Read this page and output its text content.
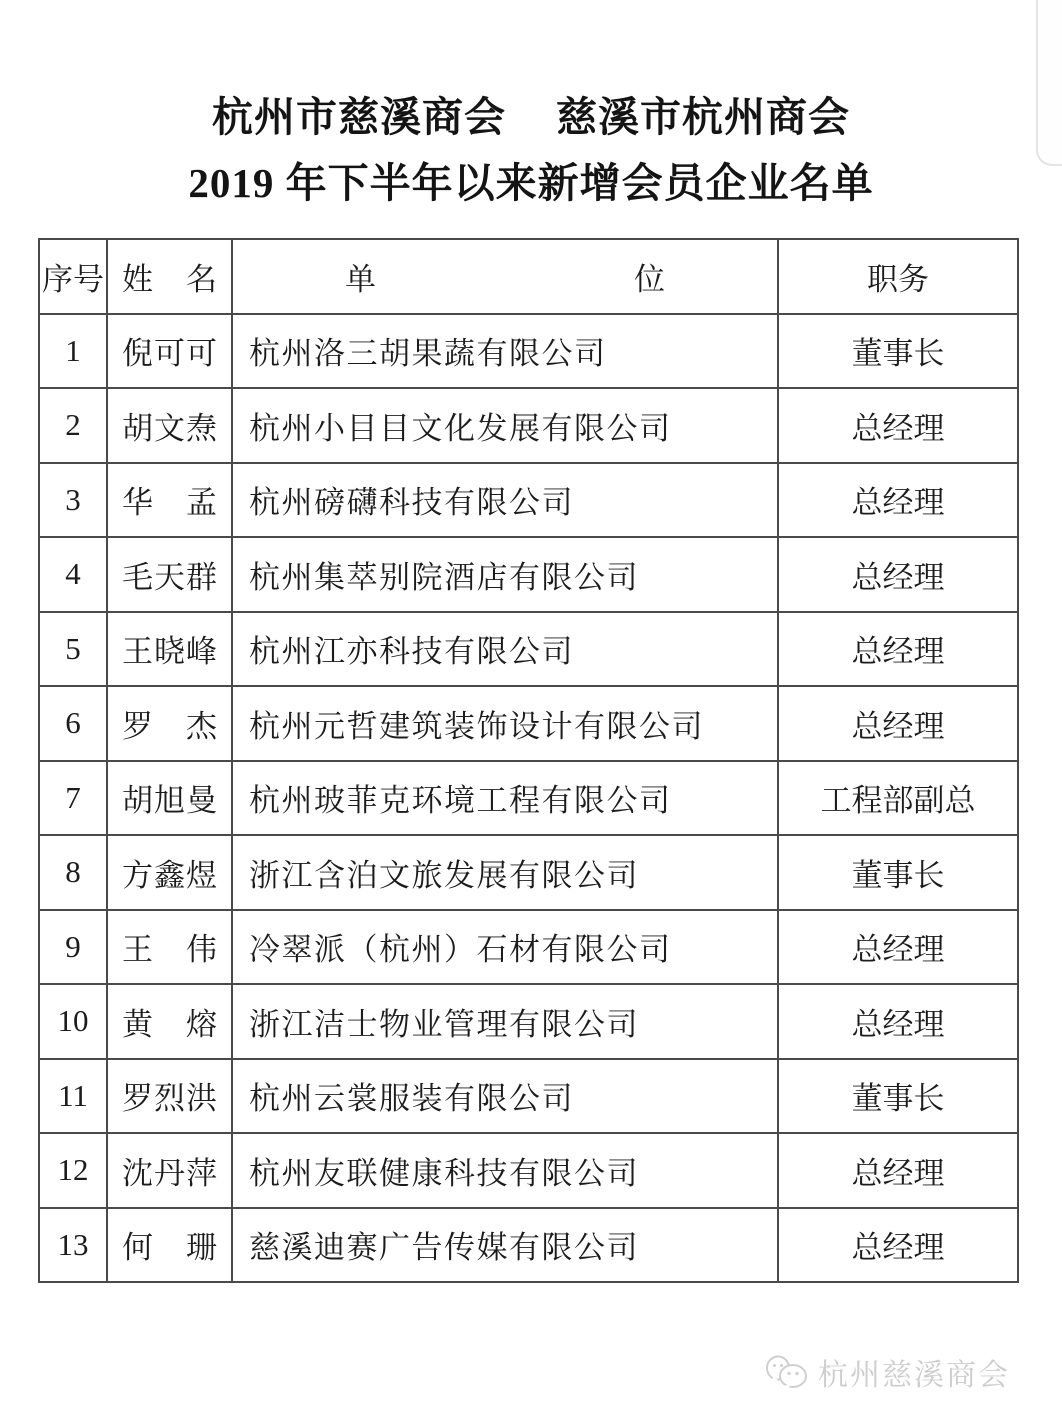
杭州市慈溪商会 慈溪市杭州商会
2019 年下半年以来新增会员企业名单
序号	姓名	单位	职务
1	倪可可	杭州洛三胡果蔬有限公司	董事长
2	胡文焘	杭州小目目文化发展有限公司	总经理
3	华孟	杭州磅礴科技有限公司	总经理
4	毛天群	杭州集萃别院酒店有限公司	总经理
5	王晓峰	杭州江亦科技有限公司	总经理
6	罗杰	杭州元哲建筑装饰设计有限公司	总经理
7	胡旭曼	杭州玻菲克环境工程有限公司	工程部副总
8	方鑫煜	浙江含泊文旅发展有限公司	董事长
9	王伟	冷翠派（杭州）石材有限公司	总经理
10	黄熔	浙江洁士物业管理有限公司	总经理
11	罗烈洪	杭州云裳服装有限公司	董事长
12	沈丹萍	杭州友联健康科技有限公司	总经理
13	何珊	慈溪迪赛广告传媒有限公司	总经理
杭州慈溪商会
